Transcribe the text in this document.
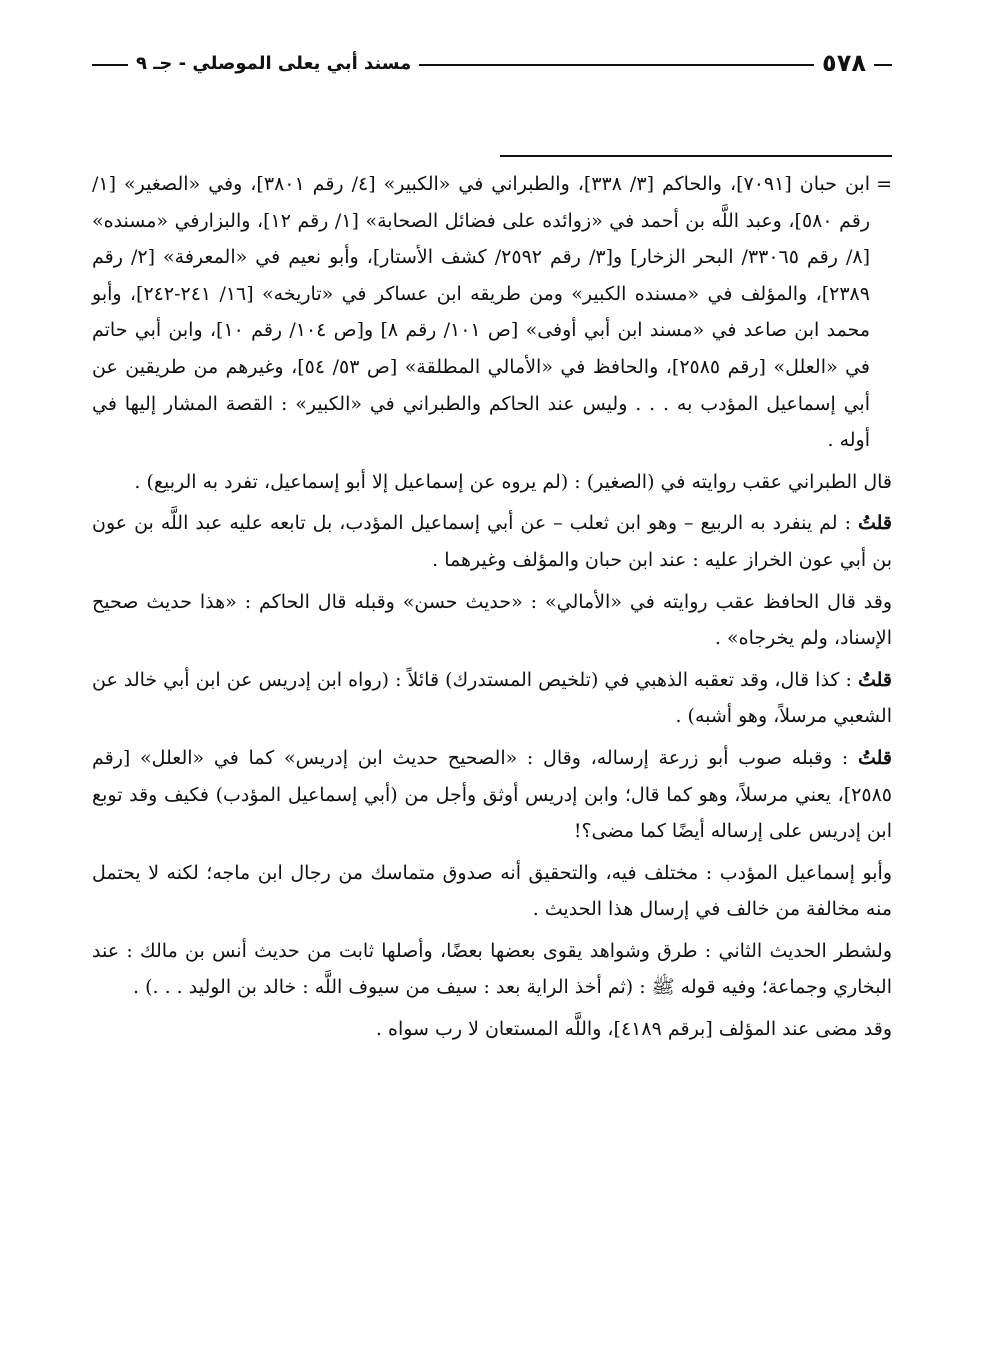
٥٧٨
مسند أبي يعلى الموصلي - جـ ٩

=
ابن حبان [٧٠٩١]، والحاكم [٣/ ٣٣٨]، والطبراني في «الكبير» [٤/ رقم ٣٨٠١]، وفي «الصغير» [١/ رقم ٥٨٠]، وعبد اللَّه بن أحمد في «زوائده على فضائل الصحابة» [١/ رقم ١٢]، والبزارفي «مسنده» [٨/ رقم ٣٣٠٦٥/ البحر الزخار] و[٣/ رقم ٢٥٩٢/ كشف الأستار]، وأبو نعيم في «المعرفة» [٢/ رقم ٢٣٨٩]، والمؤلف في «مسنده الكبير» ومن طريقه ابن عساكر في «تاريخه» [١٦/ ٢٤١-٢٤٢]، وأبو محمد ابن صاعد في «مسند ابن أبي أوفى» [ص ١٠١/ رقم ٨] و[ص ١٠٤/ رقم ١٠]، وابن أبي حاتم في «العلل» [رقم ٢٥٨٥]، والحافظ في «الأمالي المطلقة» [ص ٥٣/ ٥٤]، وغيرهم من طريقين عن أبي إسماعيل المؤدب به . . . وليس عند الحاكم والطبراني في «الكبير» : القصة المشار إليها في أوله .

قال الطبراني عقب روايته في (الصغير) : (لم يروه عن إسماعيل إلا أبو إسماعيل، تفرد به الربيع) .

قلتُ : لم ينفرد به الربيع – وهو ابن ثعلب – عن أبي إسماعيل المؤدب، بل تابعه عليه عبد اللَّه بن عون بن أبي عون الخراز عليه : عند ابن حبان والمؤلف وغيرهما .

وقد قال الحافظ عقب روايته في «الأمالي» : «حديث حسن» وقبله قال الحاكم : «هذا حديث صحيح الإسناد، ولم يخرجاه» .

قلتُ : كذا قال، وقد تعقبه الذهبي في (تلخيص المستدرك) قائلاً : (رواه ابن إدريس عن ابن أبي خالد عن الشعبي مرسلاً، وهو أشبه) .

قلتُ : وقبله صوب أبو زرعة إرساله، وقال : «الصحيح حديث ابن إدريس» كما في «العلل» [رقم ٢٥٨٥]، يعني مرسلاً، وهو كما قال؛ وابن إدريس أوثق وأجل من (أبي إسماعيل المؤدب) فكيف وقد توبع ابن إدريس على إرساله أيضًا كما مضى؟!

وأبو إسماعيل المؤدب : مختلف فيه، والتحقيق أنه صدوق متماسك من رجال ابن ماجه؛ لكنه لا يحتمل منه مخالفة من خالف في إرسال هذا الحديث .

ولشطر الحديث الثاني : طرق وشواهد يقوى بعضها بعضًا، وأصلها ثابت من حديث أنس بن مالك : عند البخاري وجماعة؛ وفيه قوله ﷺ : (ثم أخذ الراية بعد : سيف من سيوف اللَّه : خالد بن الوليد . . .) .

وقد مضى عند المؤلف [برقم ٤١٨٩]، واللَّه المستعان لا رب سواه .
